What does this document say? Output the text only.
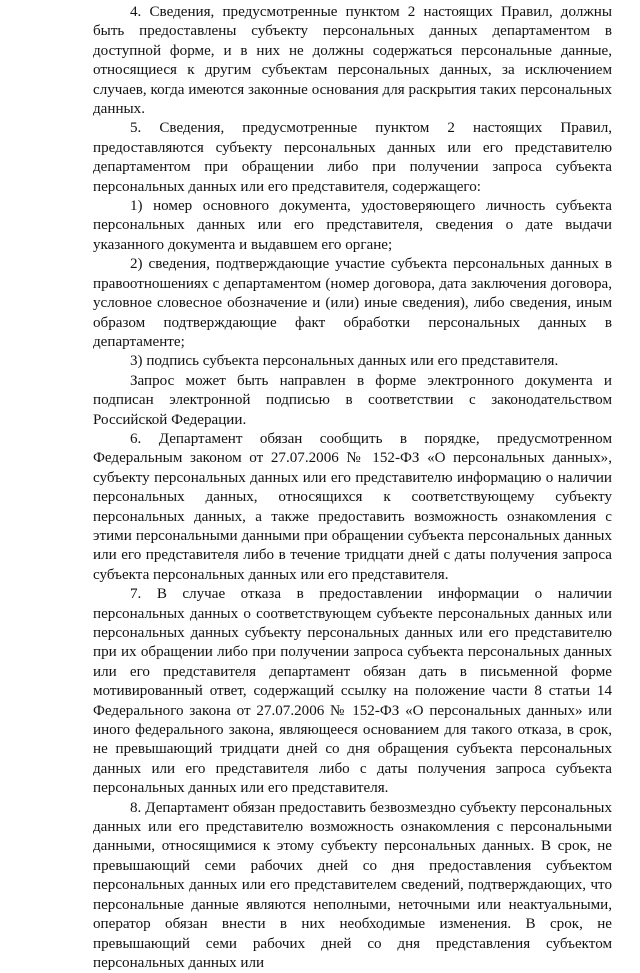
4. Сведения, предусмотренные пунктом 2 настоящих Правил, должны быть предоставлены субъекту персональных данных департаментом в доступной форме, и в них не должны содержаться персональные данные, относящиеся к другим субъектам персональных данных, за исключением случаев, когда имеются законные основания для раскрытия таких персональных данных.

5. Сведения, предусмотренные пунктом 2 настоящих Правил, предоставляются субъекту персональных данных или его представителю департаментом при обращении либо при получении запроса субъекта персональных данных или его представителя, содержащего:

1) номер основного документа, удостоверяющего личность субъекта персональных данных или его представителя, сведения о дате выдачи указанного документа и выдавшем его органе;

2) сведения, подтверждающие участие субъекта персональных данных в правоотношениях с департаментом (номер договора, дата заключения договора, условное словесное обозначение и (или) иные сведения), либо сведения, иным образом подтверждающие факт обработки персональных данных в департаменте;

3) подпись субъекта персональных данных или его представителя.

Запрос может быть направлен в форме электронного документа и подписан электронной подписью в соответствии с законодательством Российской Федерации.

6. Департамент обязан сообщить в порядке, предусмотренном Федеральным законом от 27.07.2006 № 152-ФЗ «О персональных данных», субъекту персональных данных или его представителю информацию о наличии персональных данных, относящихся к соответствующему субъекту персональных данных, а также предоставить возможность ознакомления с этими персональными данными при обращении субъекта персональных данных или его представителя либо в течение тридцати дней с даты получения запроса субъекта персональных данных или его представителя.

7. В случае отказа в предоставлении информации о наличии персональных данных о соответствующем субъекте персональных данных или персональных данных субъекту персональных данных или его представителю при их обращении либо при получении запроса субъекта персональных данных или его представителя департамент обязан дать в письменной форме мотивированный ответ, содержащий ссылку на положение части 8 статьи 14 Федерального закона от 27.07.2006 № 152-ФЗ «О персональных данных» или иного федерального закона, являющееся основанием для такого отказа, в срок, не превышающий тридцати дней со дня обращения субъекта персональных данных или его представителя либо с даты получения запроса субъекта персональных данных или его представителя.

8. Департамент обязан предоставить безвозмездно субъекту персональных данных или его представителю возможность ознакомления с персональными данными, относящимися к этому субъекту персональных данных. В срок, не превышающий семи рабочих дней со дня предоставления субъектом персональных данных или его представителем сведений, подтверждающих, что персональные данные являются неполными, неточными или неактуальными, оператор обязан внести в них необходимые изменения. В срок, не превышающий семи рабочих дней со дня представления субъектом персональных данных или
